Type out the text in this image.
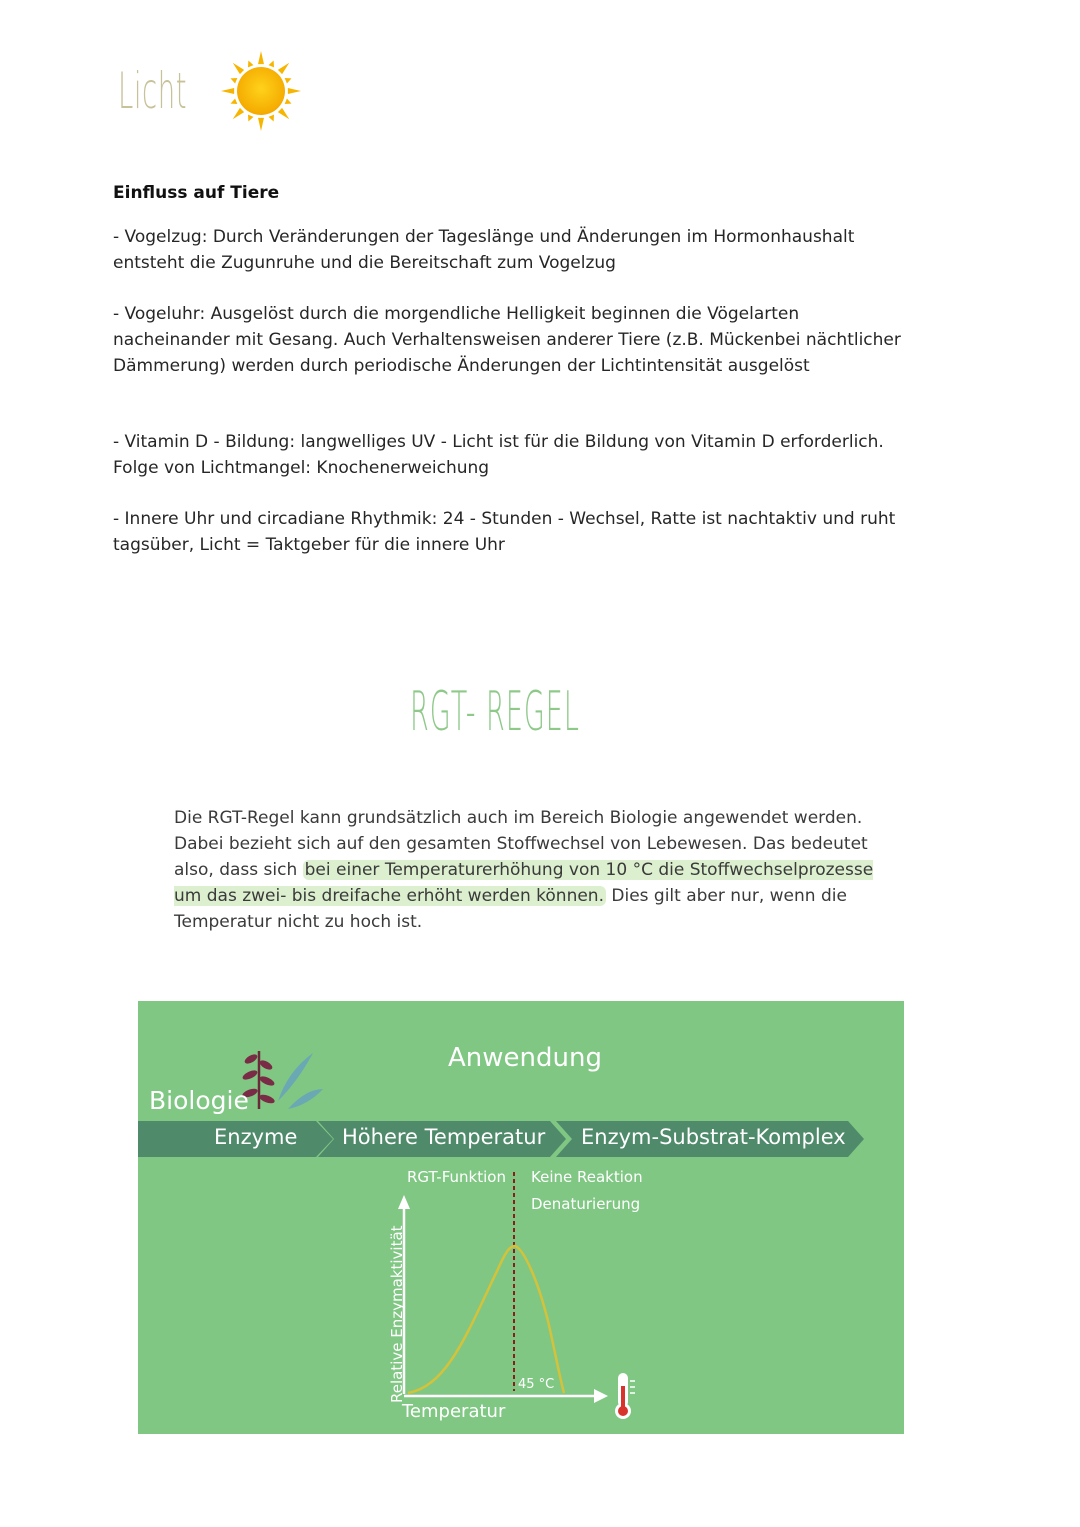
Licht
Einfluss auf Tiere

- Vogelzug: Durch Veränderungen der Tageslänge und Änderungen im Hormonhaushalt entsteht die Zugunruhe und die Bereitschaft zum Vogelzug

- Vogeluhr: Ausgelöst durch die morgendliche Helligkeit beginnen die Vögelarten nacheinander mit Gesang. Auch Verhaltensweisen anderer Tiere (z.B. Mückenbei nächtlicher Dämmerung) werden durch periodische Änderungen der Lichtintensität ausgelöst

- Vitamin D - Bildung: langwelliges UV - Licht ist für die Bildung von Vitamin D erforderlich. Folge von Lichtmangel: Knochenerweichung

- Innere Uhr und circadiane Rhythmik: 24 - Stunden - Wechsel, Ratte ist nachtaktiv und ruht tagsüber, Licht = Taktgeber für die innere Uhr

RGT- REGEL

Die RGT-Regel kann grundsätzlich auch im Bereich Biologie angewendet werden. Dabei bezieht sich auf den gesamten Stoffwechsel von Lebewesen. Das bedeutet also, dass sich bei einer Temperaturerhöhung von 10 °C die Stoffwechselprozesse um das zwei- bis dreifache erhöht werden können. Dies gilt aber nur, wenn die Temperatur nicht zu hoch ist.

Anwendung
Biologie
Enzyme Höhere Temperatur Enzym-Substrat-Komplex
RGT-Funktion Keine Reaktion
Denaturierung
Relative Enzymaktivität
Temperatur
45 °C
